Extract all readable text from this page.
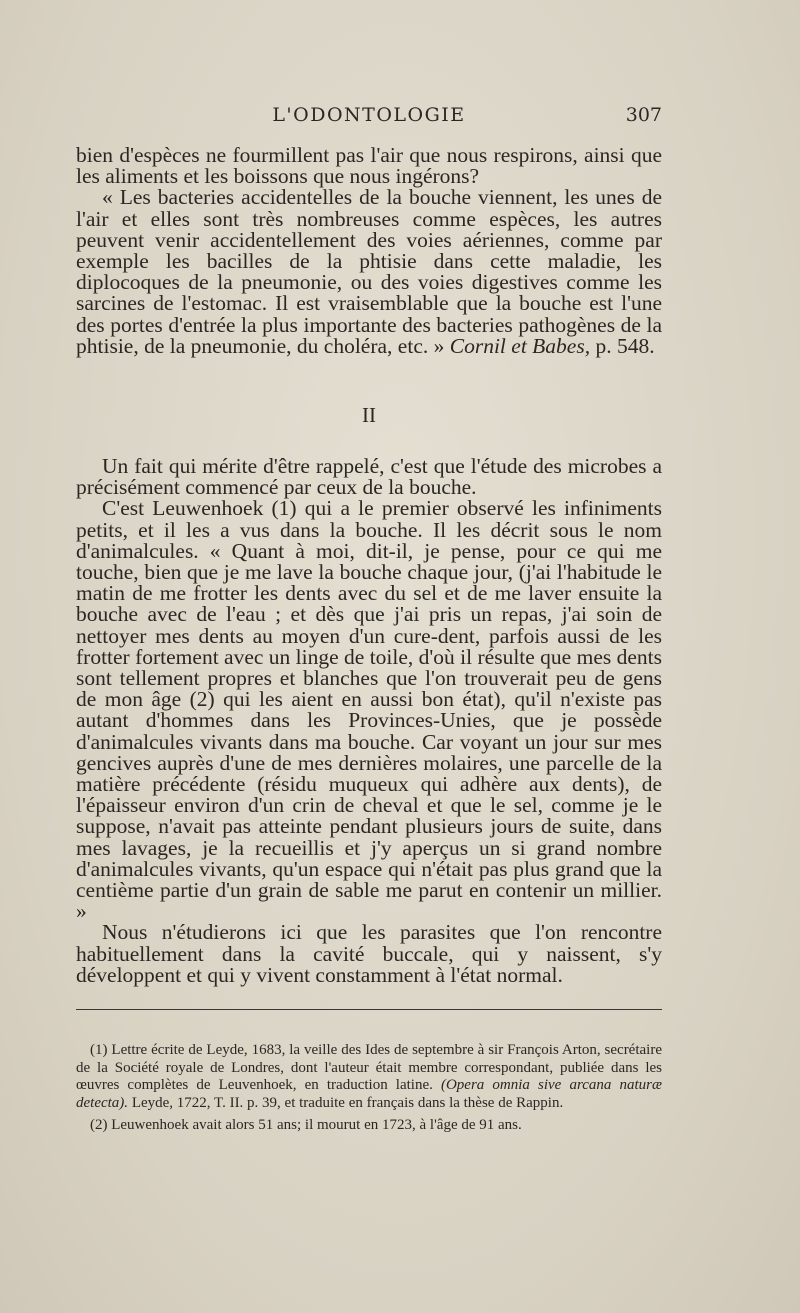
L'ODONTOLOGIE	307

bien d'espèces ne fourmillent pas l'air que nous respirons, ainsi que les aliments et les boissons que nous ingérons?

« Les bacteries accidentelles de la bouche viennent, les unes de l'air et elles sont très nombreuses comme espèces, les autres peuvent venir accidentellement des voies aériennes, comme par exemple les bacilles de la phtisie dans cette maladie, les diplocoques de la pneumonie, ou des voies digestives comme les sarcines de l'estomac. Il est vraisemblable que la bouche est l'une des portes d'entrée la plus importante des bacteries pathogènes de la phtisie, de la pneumonie, du choléra, etc. » Cornil et Babes, p. 548.

II

Un fait qui mérite d'être rappelé, c'est que l'étude des microbes a précisément commencé par ceux de la bouche.

C'est Leuwenhoek (1) qui a le premier observé les infiniments petits, et il les a vus dans la bouche. Il les décrit sous le nom d'animalcules. « Quant à moi, dit-il, je pense, pour ce qui me touche, bien que je me lave la bouche chaque jour, (j'ai l'habitude le matin de me frotter les dents avec du sel et de me laver ensuite la bouche avec de l'eau ; et dès que j'ai pris un repas, j'ai soin de nettoyer mes dents au moyen d'un cure-dent, parfois aussi de les frotter fortement avec un linge de toile, d'où il résulte que mes dents sont tellement propres et blanches que l'on trouverait peu de gens de mon âge (2) qui les aient en aussi bon état), qu'il n'existe pas autant d'hommes dans les Provinces-Unies, que je possède d'animalcules vivants dans ma bouche. Car voyant un jour sur mes gencives auprès d'une de mes dernières molaires, une parcelle de la matière précédente (résidu muqueux qui adhère aux dents), de l'épaisseur environ d'un crin de cheval et que le sel, comme je le suppose, n'avait pas atteinte pendant plusieurs jours de suite, dans mes lavages, je la recueillis et j'y aperçus un si grand nombre d'animalcules vivants, qu'un espace qui n'était pas plus grand que la centième partie d'un grain de sable me parut en contenir un millier. »

Nous n'étudierons ici que les parasites que l'on rencontre habituellement dans la cavité buccale, qui y naissent, s'y développent et qui y vivent constamment à l'état normal.

(1) Lettre écrite de Leyde, 1683, la veille des Ides de septembre à sir François Arton, secrétaire de la Société royale de Londres, dont l'auteur était membre correspondant, publiée dans les œuvres complètes de Leuvenhoek, en traduction latine. (Opera omnia sive arcana naturæ detecta). Leyde, 1722, T. II. p. 39, et traduite en français dans la thèse de Rappin.

(2) Leuwenhoek avait alors 51 ans; il mourut en 1723, à l'âge de 91 ans.
